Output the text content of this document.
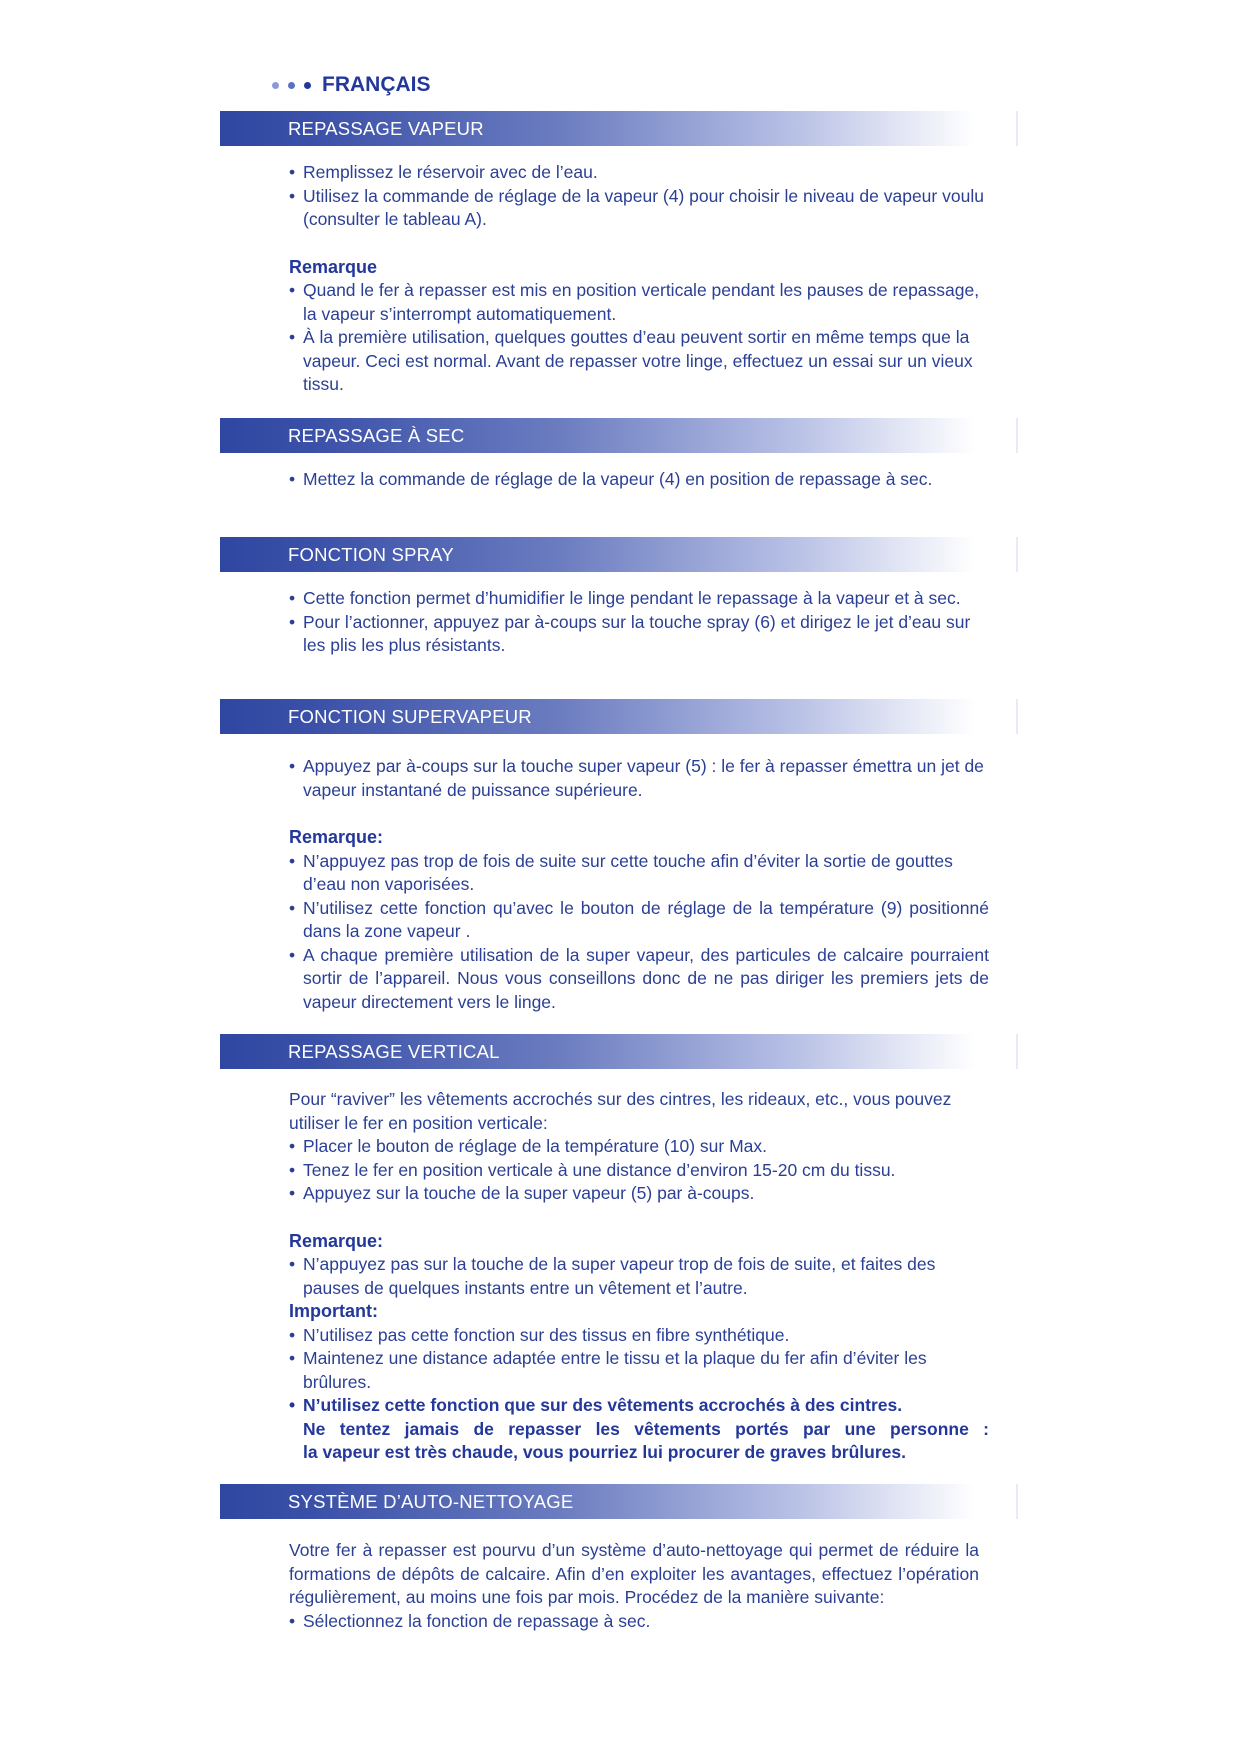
FRANÇAIS
REPASSAGE VAPEUR
• Remplissez le réservoir avec de l’eau.
• Utilisez la commande de réglage de la vapeur (4) pour choisir le niveau de vapeur voulu (consulter le tableau A).
Remarque
• Quand le fer à repasser est mis en position verticale pendant les pauses de repassage, la vapeur s’interrompt automatiquement.
• À la première utilisation, quelques gouttes d’eau peuvent sortir en même temps que la vapeur. Ceci est normal. Avant de repasser votre linge, effectuez un essai sur un vieux tissu.
REPASSAGE À SEC
• Mettez la commande de réglage de la vapeur (4) en position de repassage à sec.
FONCTION SPRAY
• Cette fonction permet d’humidifier le linge pendant le repassage à la vapeur et à sec.
• Pour l’actionner, appuyez par à-coups sur la touche spray (6) et dirigez le jet d’eau sur les plis les plus résistants.
FONCTION SUPERVAPEUR
• Appuyez par à-coups sur la touche super vapeur (5) : le fer à repasser émettra un jet de vapeur instantané de puissance supérieure.
Remarque:
• N’appuyez pas trop de fois de suite sur cette touche afin d’éviter la sortie de gouttes d’eau non vaporisées.
• N’utilisez cette fonction qu’avec le bouton de réglage de la température (9) positionné dans la zone vapeur .
• A chaque première utilisation de la super vapeur, des particules de calcaire pourraient sortir de l’appareil. Nous vous conseillons donc de ne pas diriger les premiers jets de vapeur directement vers le linge.
REPASSAGE VERTICAL
Pour “raviver” les vêtements accrochés sur des cintres, les rideaux, etc., vous pouvez utiliser le fer en position verticale:
• Placer le bouton de réglage de la température (10) sur Max.
• Tenez le fer en position verticale à une distance d’environ 15-20 cm du tissu.
• Appuyez sur la touche de la super vapeur (5) par à-coups.
Remarque:
• N’appuyez pas sur la touche de la super vapeur trop de fois de suite, et faites des pauses de quelques instants entre un vêtement et l’autre.
Important:
• N’utilisez pas cette fonction sur des tissus en fibre synthétique.
• Maintenez une distance adaptée entre le tissu et la plaque du fer afin d’éviter les brûlures.
• N’utilisez cette fonction que sur des vêtements accrochés à des cintres.
Ne tentez jamais de repasser les vêtements portés par une personne :
la vapeur est très chaude, vous pourriez lui procurer de graves brûlures.
SYSTÈME D’AUTO-NETTOYAGE
Votre fer à repasser est pourvu d’un système d’auto-nettoyage qui permet de réduire la formations de dépôts de calcaire. Afin d’en exploiter les avantages, effectuez l’opération régulièrement, au moins une fois par mois. Procédez de la manière suivante:
• Sélectionnez la fonction de repassage à sec.
